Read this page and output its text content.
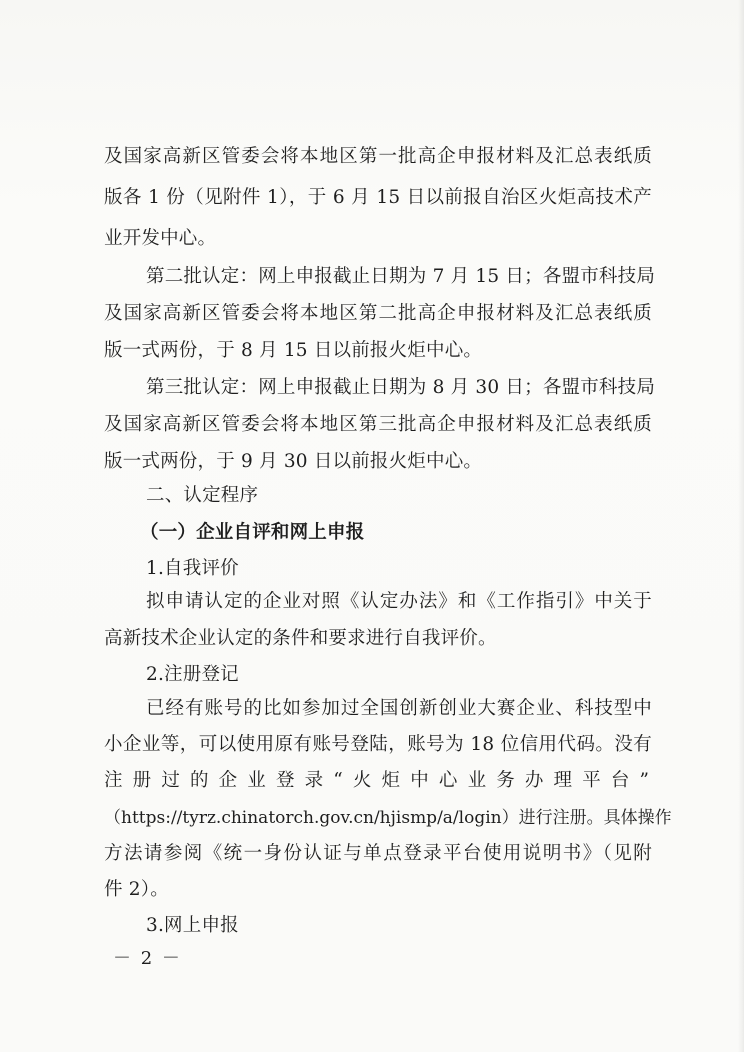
及国家高新区管委会将本地区第一批高企申报材料及汇总表纸质
版各 1 份（见附件 1），于 6 月 15 日以前报自治区火炬高技术产
业开发中心。
第二批认定：网上申报截止日期为 7 月 15 日；各盟市科技局
及国家高新区管委会将本地区第二批高企申报材料及汇总表纸质
版一式两份，于 8 月 15 日以前报火炬中心。
第三批认定：网上申报截止日期为 8 月 30 日；各盟市科技局
及国家高新区管委会将本地区第三批高企申报材料及汇总表纸质
版一式两份，于 9 月 30 日以前报火炬中心。
二、认定程序
（一）企业自评和网上申报
1.自我评价
拟申请认定的企业对照《认定办法》和《工作指引》中关于
高新技术企业认定的条件和要求进行自我评价。
2.注册登记
已经有账号的比如参加过全国创新创业大赛企业、科技型中
小企业等，可以使用原有账号登陆，账号为 18 位信用代码。没有
注册过的企业登录“火炬中心业务办理平台”
（https://tyrz.chinatorch.gov.cn/hjismp/a/login）进行注册。具体操作
方法请参阅《统一身份认证与单点登录平台使用说明书》（见附
件 2）。
3.网上申报
－ 2 －
